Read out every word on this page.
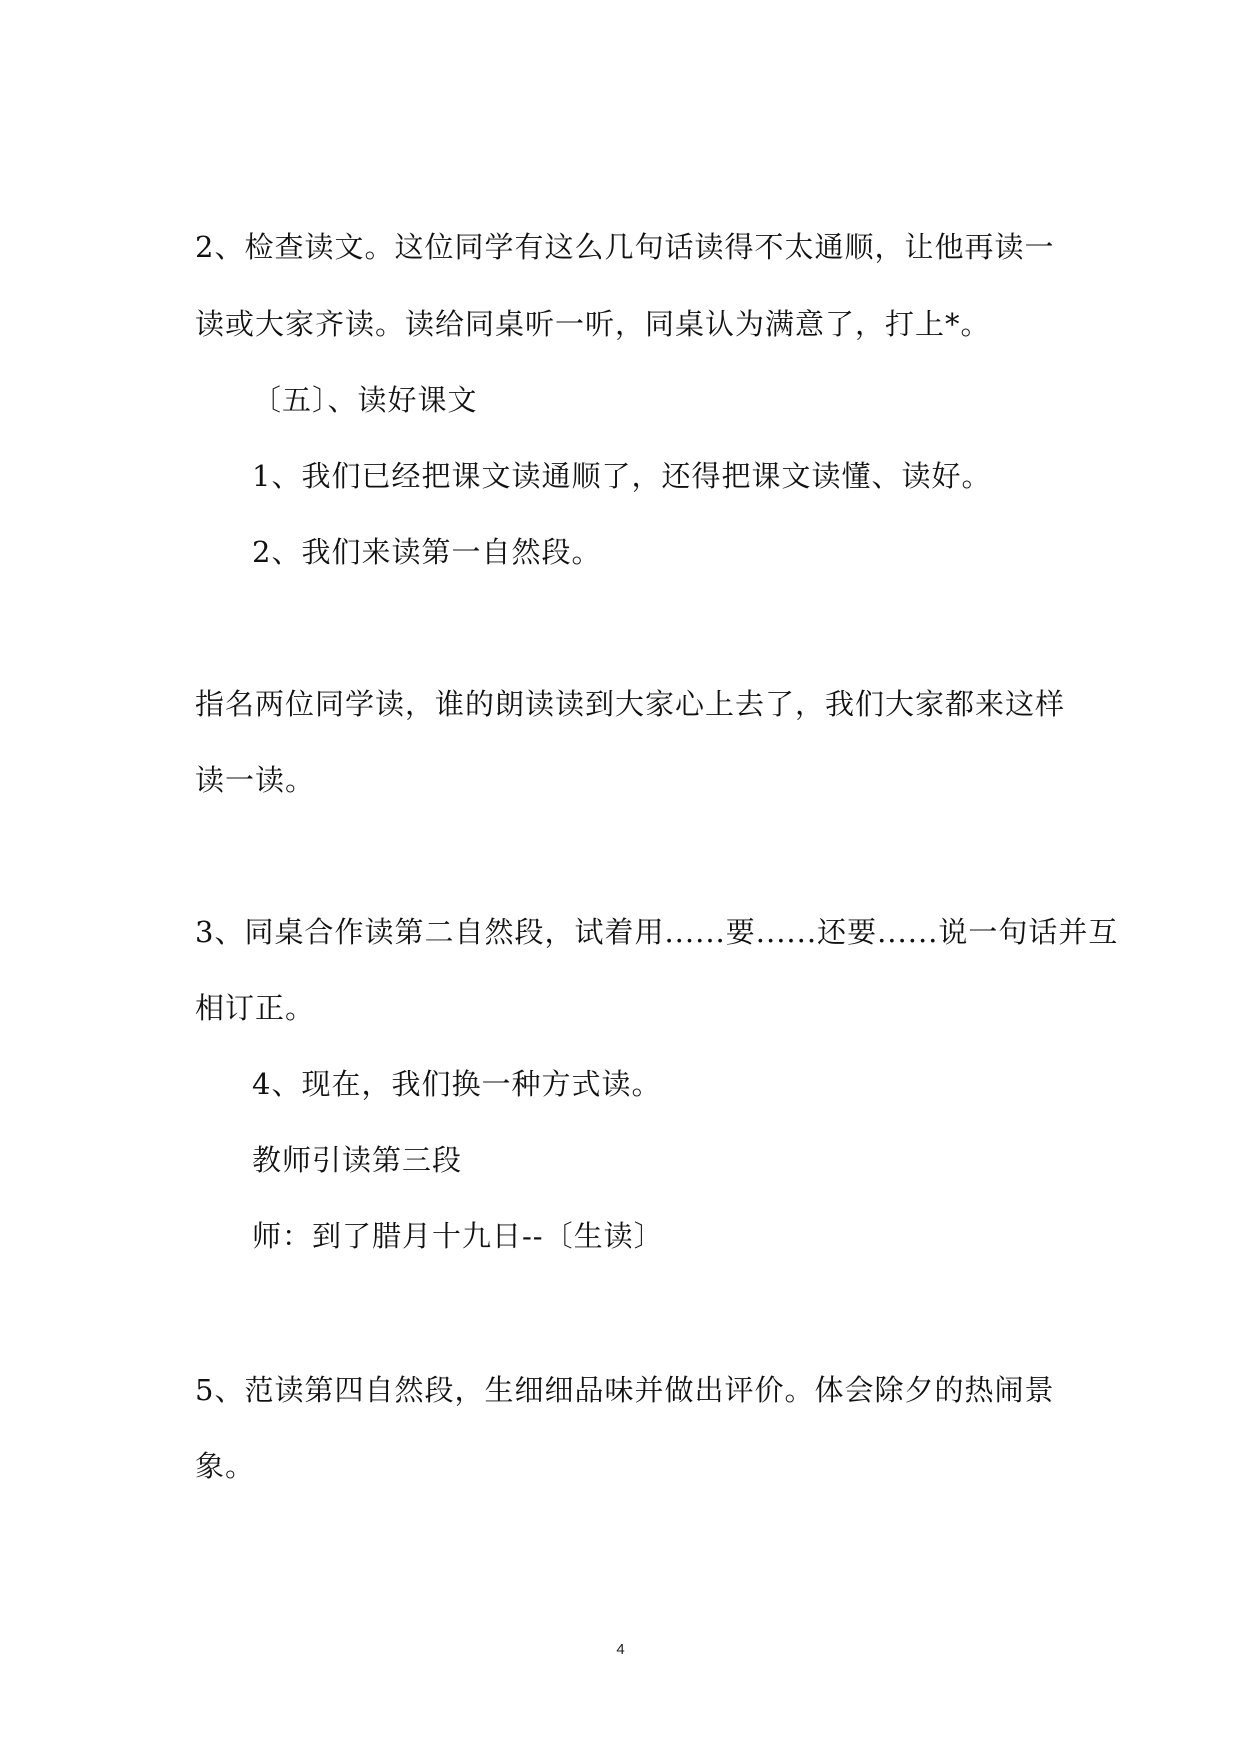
2、检查读文。这位同学有这么几句话读得不太通顺，让他再读一
读或大家齐读。读给同桌听一听，同桌认为满意了，打上*。
〔五〕、读好课文
1、我们已经把课文读通顺了，还得把课文读懂、读好。
2、我们来读第一自然段。
指名两位同学读，谁的朗读读到大家心上去了，我们大家都来这样
读一读。
3、同桌合作读第二自然段，试着用......要......还要......说一句话并互
相订正。
4、现在，我们换一种方式读。
教师引读第三段
师：到了腊月十九日--〔生读〕
5、范读第四自然段，生细细品味并做出评价。体会除夕的热闹景
象。
4
